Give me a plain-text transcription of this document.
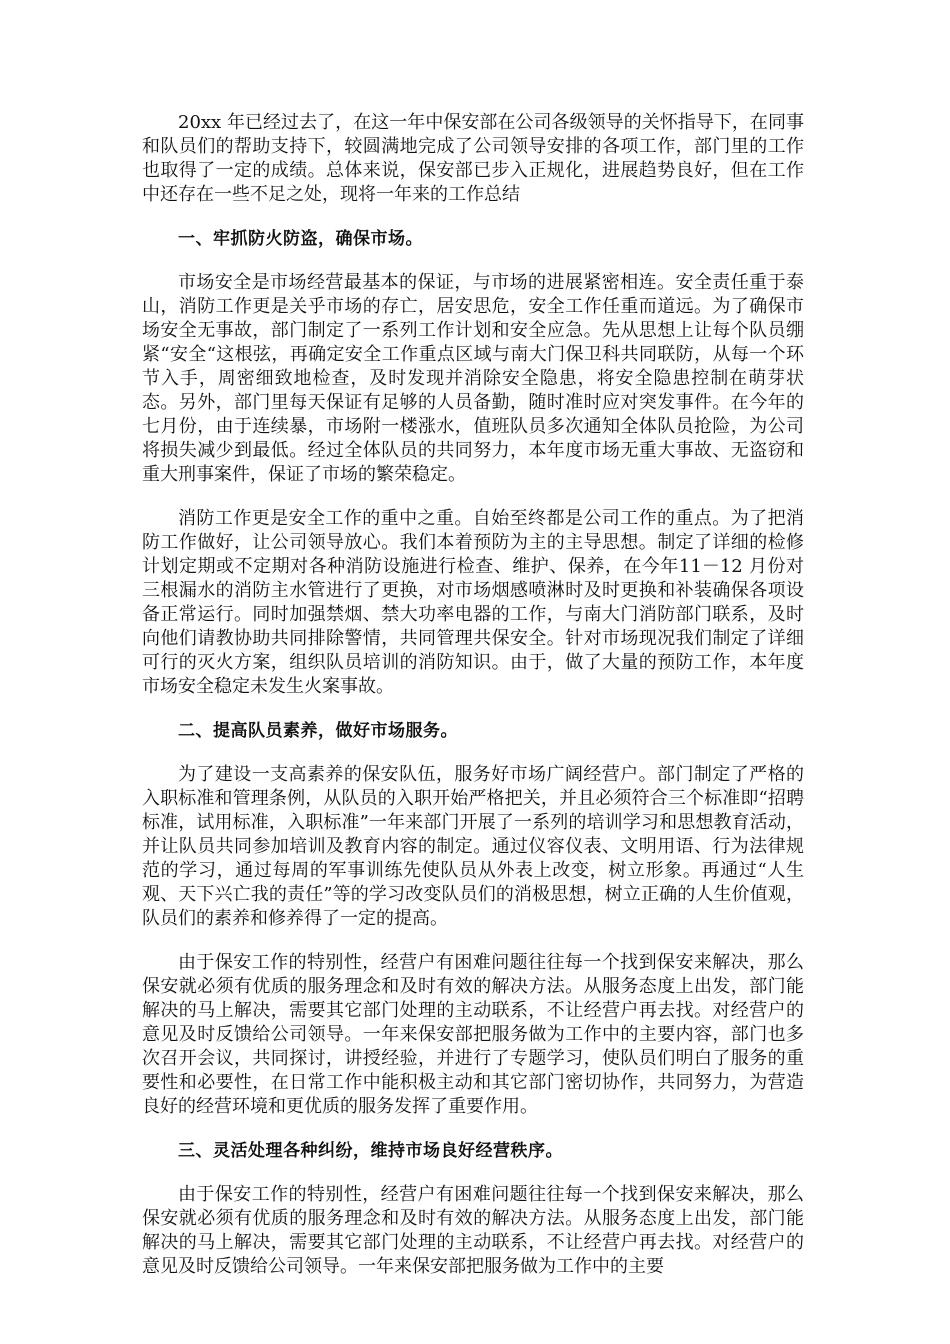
20xx 年已经过去了，在这一年中保安部在公司各级领导的关怀指导下，在同事和队员们的帮助支持下，较圆满地完成了公司领导安排的各项工作，部门里的工作也取得了一定的成绩。总体来说，保安部已步入正规化，进展趋势良好，但在工作中还存在一些不足之处，现将一年来的工作总结

一、牢抓防火防盗，确保市场。

市场安全是市场经营最基本的保证，与市场的进展紧密相连。安全责任重于泰山，消防工作更是关乎市场的存亡，居安思危，安全工作任重而道远。为了确保市场安全无事故，部门制定了一系列工作计划和安全应急。先从思想上让每个队员绷紧“安全“这根弦，再确定安全工作重点区域与南大门保卫科共同联防，从每一个环节入手，周密细致地检查，及时发现并消除安全隐患，将安全隐患控制在萌芽状态。另外，部门里每天保证有足够的人员备勤，随时准时应对突发事件。在今年的七月份，由于连续暴，市场附一楼涨水，值班队员多次通知全体队员抢险，为公司将损失减少到最低。经过全体队员的共同努力，本年度市场无重大事故、无盗窃和重大刑事案件，保证了市场的繁荣稳定。

消防工作更是安全工作的重中之重。自始至终都是公司工作的重点。为了把消防工作做好，让公司领导放心。我们本着预防为主的主导思想。制定了详细的检修计划定期或不定期对各种消防设施进行检查、维护、保养，在今年11－12 月份对三根漏水的消防主水管进行了更换，对市场烟感喷淋时及时更换和补装确保各项设备正常运行。同时加强禁烟、禁大功率电器的工作，与南大门消防部门联系，及时向他们请教协助共同排除警情，共同管理共保安全。针对市场现况我们制定了详细可行的灭火方案，组织队员培训的消防知识。由于，做了大量的预防工作，本年度市场安全稳定未发生火案事故。

二、提高队员素养，做好市场服务。

为了建设一支高素养的保安队伍，服务好市场广阔经营户。部门制定了严格的入职标准和管理条例，从队员的入职开始严格把关，并且必须符合三个标准即“招聘标准，试用标准，入职标准”一年来部门开展了一系列的培训学习和思想教育活动，并让队员共同参加培训及教育内容的制定。通过仪容仪表、文明用语、行为法律规范的学习，通过每周的军事训练先使队员从外表上改变，树立形象。再通过“人生观、天下兴亡我的责任”等的学习改变队员们的消极思想，树立正确的人生价值观，队员们的素养和修养得了一定的提高。

由于保安工作的特别性，经营户有困难问题往往每一个找到保安来解决，那么保安就必须有优质的服务理念和及时有效的解决方法。从服务态度上出发，部门能解决的马上解决，需要其它部门处理的主动联系，不让经营户再去找。对经营户的意见及时反馈给公司领导。一年来保安部把服务做为工作中的主要内容，部门也多次召开会议，共同探讨，讲授经验，并进行了专题学习，使队员们明白了服务的重要性和必要性，在日常工作中能积极主动和其它部门密切协作，共同努力，为营造良好的经营环境和更优质的服务发挥了重要作用。

三、灵活处理各种纠纷，维持市场良好经营秩序。

由于保安工作的特别性，经营户有困难问题往往每一个找到保安来解决，那么保安就必须有优质的服务理念和及时有效的解决方法。从服务态度上出发，部门能解决的马上解决，需要其它部门处理的主动联系，不让经营户再去找。对经营户的意见及时反馈给公司领导。一年来保安部把服务做为工作中的主要
